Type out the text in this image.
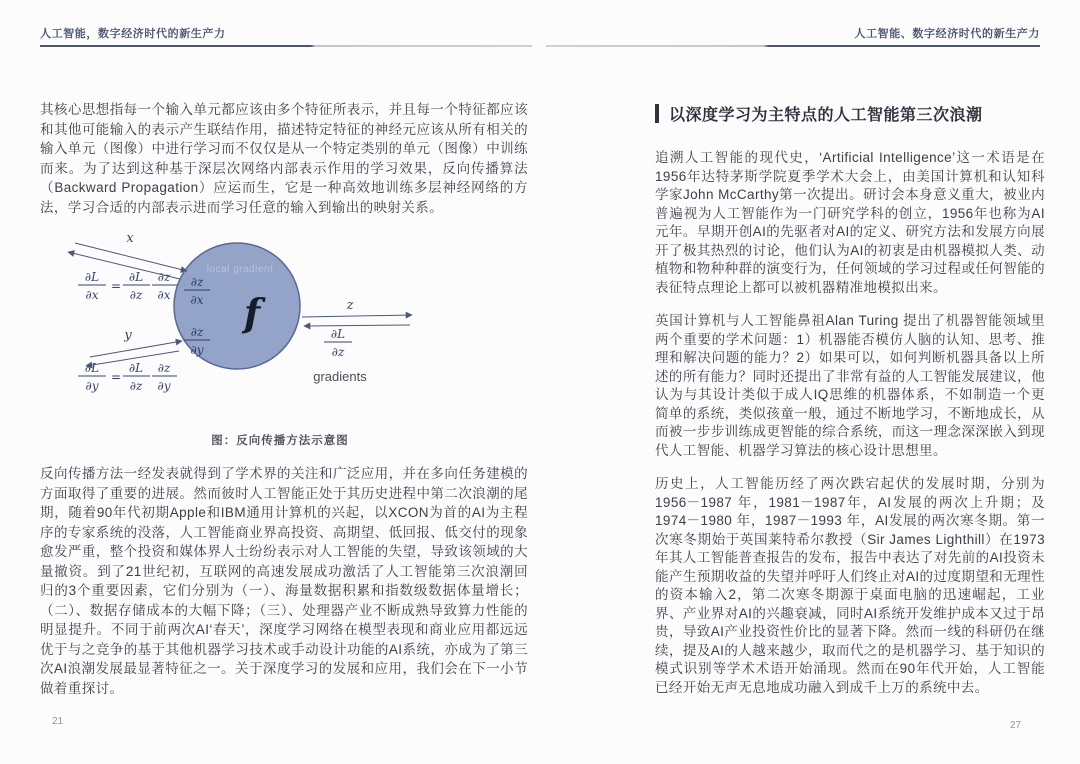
人工智能，数字经济时代的新生产力	人工智能、数字经济时代的新生产力

其核心思想指每一个输入单元都应该由多个特征所表示，并且每一个特征都应该和其他可能输入的表示产生联结作用，描述特定特征的神经元应该从所有相关的输入单元（图像）中进行学习而不仅仅是从一个特定类别的单元（图像）中训练而来。为了达到这种基于深层次网络内部表示作用的学习效果，反向传播算法（Backward Propagation）应运而生，它是一种高效地训练多层神经网络的方法，学习合适的内部表示进而学习任意的输入到输出的映射关系。

local gradient
f
∂z
∂x
∂z
∂y
x
∂L
∂x
=
∂L
∂z
∂z
∂x
y
∂L
∂y
=
∂L
∂z
∂z
∂y
z
∂L
∂z
gradients
图：反向传播方法示意图

反向传播方法一经发表就得到了学术界的关注和广泛应用，并在多向任务建模的方面取得了重要的进展。然而彼时人工智能正处于其历史进程中第二次浪潮的尾期，随着90年代初期Apple和IBM通用计算机的兴起，以XCON为首的AI为主程序的专家系统的没落，人工智能商业界高投资、高期望、低回报、低交付的现象愈发严重，整个投资和媒体界人士纷纷表示对人工智能的失望，导致该领域的大量撤资。到了21世纪初，互联网的高速发展成功激活了人工智能第三次浪潮回归的3个重要因素，它们分别为（一）、海量数据积累和指数级数据体量增长；（二）、数据存储成本的大幅下降；（三）、处理器产业不断成熟导致算力性能的明显提升。不同于前两次AI‘春天’，深度学习网络在模型表现和商业应用都远远优于与之竞争的基于其他机器学习技术或手动设计功能的AI系统，亦成为了第三次AI浪潮发展最显著特征之一。关于深度学习的发展和应用，我们会在下一小节做着重探讨。

以深度学习为主特点的人工智能第三次浪潮

追溯人工智能的现代史，‘Artificial Intelligence’这一术语是在1956年达特茅斯学院夏季学术大会上，由美国计算机和认知科学家John McCarthy第一次提出。研讨会本身意义重大，被业内普遍视为人工智能作为一门研究学科的创立，1956年也称为AI元年。早期开创AI的先驱者对AI的定义、研究方法和发展方向展开了极其热烈的讨论，他们认为AI的初衷是由机器模拟人类、动植物和物种种群的演变行为，任何领域的学习过程或任何智能的表征特点理论上都可以被机器精准地模拟出来。

英国计算机与人工智能鼻祖Alan Turing 提出了机器智能领域里两个重要的学术问题：1）机器能否模仿人脑的认知、思考、推理和解决问题的能力？2）如果可以，如何判断机器具备以上所述的所有能力？同时还提出了非常有益的人工智能发展建议，他认为与其设计类似于成人IQ思维的机器体系，不如制造一个更简单的系统，类似孩童一般，通过不断地学习，不断地成长，从而被一步步训练成更智能的综合系统，而这一理念深深嵌入到现代人工智能、机器学习算法的核心设计思想里。

历史上，人工智能历经了两次跌宕起伏的发展时期，分别为1956－1987 年，1981－1987年，AI发展的两次上升期；及1974－1980 年，1987－1993 年，AI发展的两次寒冬期。第一次寒冬期始于英国莱特希尔教授（Sir James Lighthill）在1973年其人工智能普查报告的发布，报告中表达了对先前的AI投资未能产生预期收益的失望并呼吁人们终止对AI的过度期望和无理性的资本输入2，第二次寒冬期源于桌面电脑的迅速崛起，工业界、产业界对AI的兴趣衰减，同时AI系统开发维护成本又过于昂贵，导致AI产业投资性价比的显著下降。然而一线的科研仍在继续，提及AI的人越来越少，取而代之的是机器学习、基于知识的模式识别等学术术语开始涌现。然而在90年代开始，人工智能已经开始无声无息地成功融入到成千上万的系统中去。

21	27
